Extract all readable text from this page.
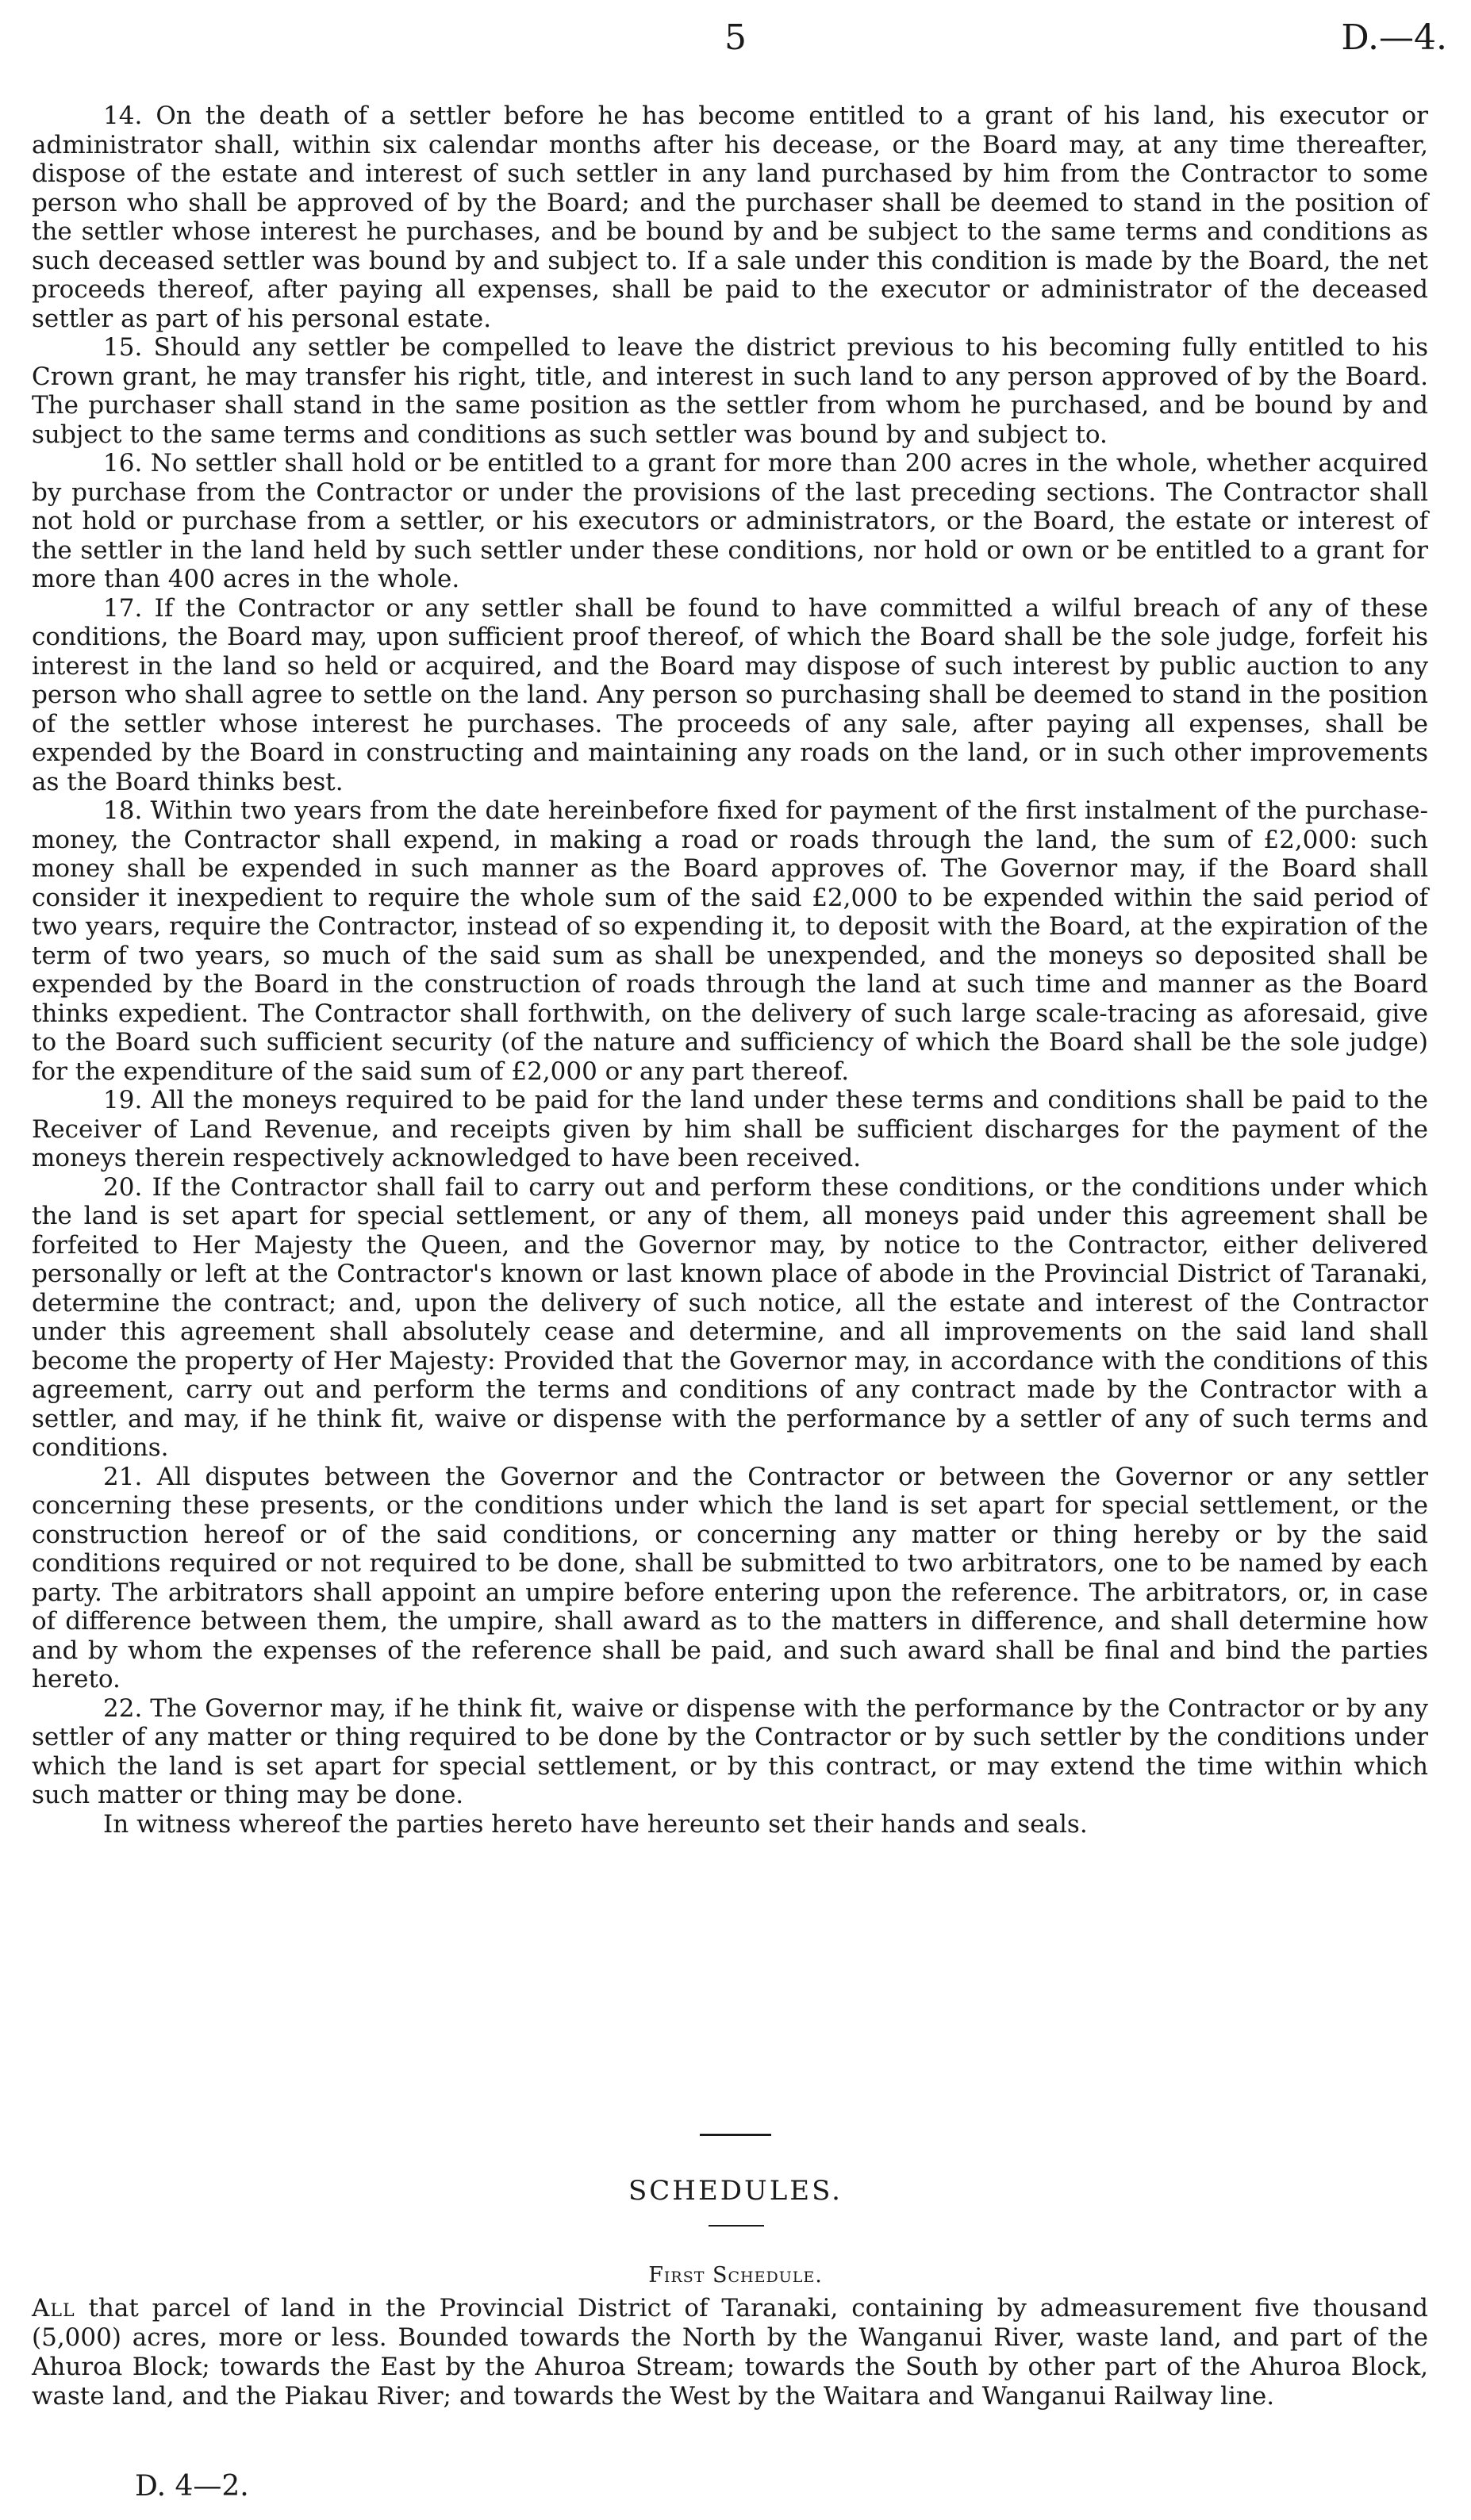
5	D.—4.

14. On the death of a settler before he has become entitled to a grant of his land, his executor or administrator shall, within six calendar months after his decease, or the Board may, at any time thereafter, dispose of the estate and interest of such settler in any land purchased by him from the Contractor to some person who shall be approved of by the Board; and the purchaser shall be deemed to stand in the position of the settler whose interest he purchases, and be bound by and be subject to the same terms and conditions as such deceased settler was bound by and subject to. If a sale under this condition is made by the Board, the net proceeds thereof, after paying all expenses, shall be paid to the executor or administrator of the deceased settler as part of his personal estate.

15. Should any settler be compelled to leave the district previous to his becoming fully entitled to his Crown grant, he may transfer his right, title, and interest in such land to any person approved of by the Board. The purchaser shall stand in the same position as the settler from whom he purchased, and be bound by and subject to the same terms and conditions as such settler was bound by and subject to.

16. No settler shall hold or be entitled to a grant for more than 200 acres in the whole, whether acquired by purchase from the Contractor or under the provisions of the last preceding sections. The Contractor shall not hold or purchase from a settler, or his executors or administrators, or the Board, the estate or interest of the settler in the land held by such settler under these conditions, nor hold or own or be entitled to a grant for more than 400 acres in the whole.

17. If the Contractor or any settler shall be found to have committed a wilful breach of any of these conditions, the Board may, upon sufficient proof thereof, of which the Board shall be the sole judge, forfeit his interest in the land so held or acquired, and the Board may dispose of such interest by public auction to any person who shall agree to settle on the land. Any person so purchasing shall be deemed to stand in the position of the settler whose interest he purchases. The proceeds of any sale, after paying all expenses, shall be expended by the Board in constructing and maintaining any roads on the land, or in such other improvements as the Board thinks best.

18. Within two years from the date hereinbefore fixed for payment of the first instalment of the purchase-money, the Contractor shall expend, in making a road or roads through the land, the sum of £2,000: such money shall be expended in such manner as the Board approves of. The Governor may, if the Board shall consider it inexpedient to require the whole sum of the said £2,000 to be expended within the said period of two years, require the Contractor, instead of so expending it, to deposit with the Board, at the expiration of the term of two years, so much of the said sum as shall be unexpended, and the moneys so deposited shall be expended by the Board in the construction of roads through the land at such time and manner as the Board thinks expedient. The Contractor shall forthwith, on the delivery of such large scale-tracing as aforesaid, give to the Board such sufficient security (of the nature and sufficiency of which the Board shall be the sole judge) for the expenditure of the said sum of £2,000 or any part thereof.

19. All the moneys required to be paid for the land under these terms and conditions shall be paid to the Receiver of Land Revenue, and receipts given by him shall be sufficient discharges for the payment of the moneys therein respectively acknowledged to have been received.

20. If the Contractor shall fail to carry out and perform these conditions, or the conditions under which the land is set apart for special settlement, or any of them, all moneys paid under this agreement shall be forfeited to Her Majesty the Queen, and the Governor may, by notice to the Contractor, either delivered personally or left at the Contractor's known or last known place of abode in the Provincial District of Taranaki, determine the contract; and, upon the delivery of such notice, all the estate and interest of the Contractor under this agreement shall absolutely cease and determine, and all improvements on the said land shall become the property of Her Majesty: Provided that the Governor may, in accordance with the conditions of this agreement, carry out and perform the terms and conditions of any contract made by the Contractor with a settler, and may, if he think fit, waive or dispense with the performance by a settler of any of such terms and conditions.

21. All disputes between the Governor and the Contractor or between the Governor or any settler concerning these presents, or the conditions under which the land is set apart for special settlement, or the construction hereof or of the said conditions, or concerning any matter or thing hereby or by the said conditions required or not required to be done, shall be submitted to two arbitrators, one to be named by each party. The arbitrators shall appoint an umpire before entering upon the reference. The arbitrators, or, in case of difference between them, the umpire, shall award as to the matters in difference, and shall determine how and by whom the expenses of the reference shall be paid, and such award shall be final and bind the parties hereto.

22. The Governor may, if he think fit, waive or dispense with the performance by the Contractor or by any settler of any matter or thing required to be done by the Contractor or by such settler by the conditions under which the land is set apart for special settlement, or by this contract, or may extend the time within which such matter or thing may be done.

In witness whereof the parties hereto have hereunto set their hands and seals.

SCHEDULES.
First Schedule.

All that parcel of land in the Provincial District of Taranaki, containing by admeasurement five thousand (5,000) acres, more or less. Bounded towards the North by the Wanganui River, waste land, and part of the Ahuroa Block; towards the East by the Ahuroa Stream; towards the South by other part of the Ahuroa Block, waste land, and the Piakau River; and towards the West by the Waitara and Wanganui Railway line.

D. 4—2.
